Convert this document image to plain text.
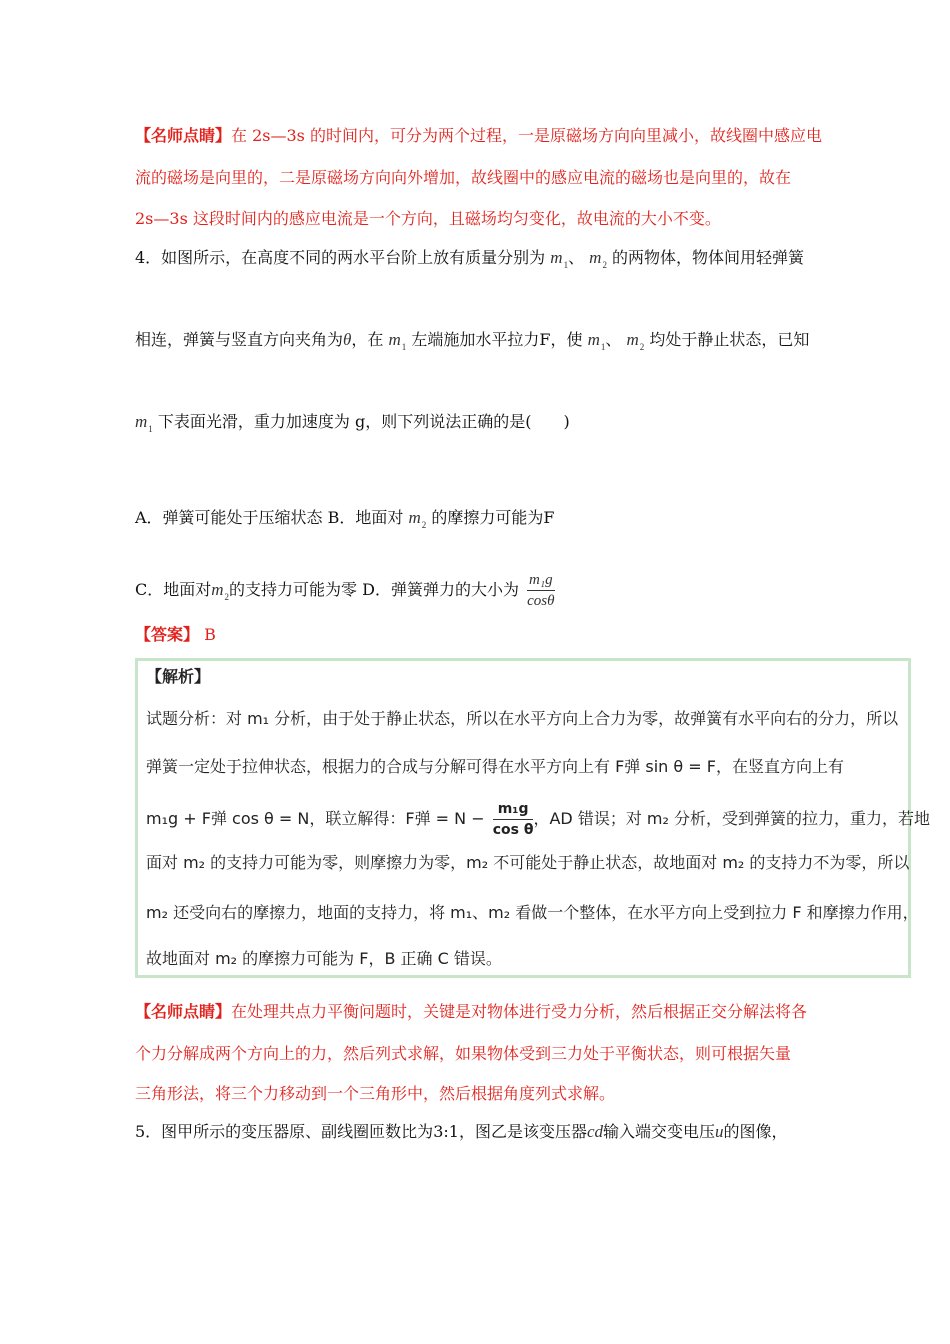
【名师点睛】在 2s—3s 的时间内，可分为两个过程，一是原磁场方向向里减小，故线圈中感应电
流的磁场是向里的，二是原磁场方向向外增加，故线圈中的感应电流的磁场也是向里的，故在
2s—3s 这段时间内的感应电流是一个方向，且磁场均匀变化，故电流的大小不变。
4．如图所示，在高度不同的两水平台阶上放有质量分别为 $m_1$、 $m_2$ 的两物体，物体间用轻弹簧
相连，弹簧与竖直方向夹角为θ，在 $m_1$ 左端施加水平拉力F，使 $m_1$、 $m_2$ 均处于静止状态，已知
$m_1$ 下表面光滑，重力加速度为 g，则下列说法正确的是(　　)
A．弹簧可能处于压缩状态 B．地面对 $m_2$ 的摩擦力可能为F
C．地面对$m_2$的支持力可能为零 D．弹簧弹力的大小为 $\frac{\text{m₁g}}{\cos\theta}$
【答案】 B
【解析】
试题分析：对 m₁ 分析，由于处于静止状态，所以在水平方向上合力为零，故弹簧有水平向右的分力，所以
弹簧一定处于拉伸状态，根据力的合成与分解可得在水平方向上有 F弹 sin θ = F，在竖直方向上有
m₁g + F弹 cos θ = N，联立解得：F弹 = $N - \frac{\text{m₁g}}{\text{cos θ}}$ ，AD 错误；对 m₂ 分析，受到弹簧的拉力，重力，若地
面对 m₂ 的支持力可能为零，则摩擦力为零，m₂ 不可能处于静止状态，故地面对 m₂ 的支持力不为零，所以
m₂ 还受向右的摩擦力，地面的支持力，将 m₁、m₂ 看做一个整体，在水平方向上受到拉力 F 和摩擦力作用，
故地面对 m₂ 的摩擦力可能为 F，B 正确 C 错误。
【名师点睛】在处理共点力平衡问题时，关键是对物体进行受力分析，然后根据正交分解法将各
个力分解成两个方向上的力，然后列式求解，如果物体受到三力处于平衡状态，则可根据矢量
三角形法，将三个力移动到一个三角形中，然后根据角度列式求解。
5．图甲所示的变压器原、副线圈匝数比为3:1，图乙是该变压器cd输入端交变电压u的图像，
